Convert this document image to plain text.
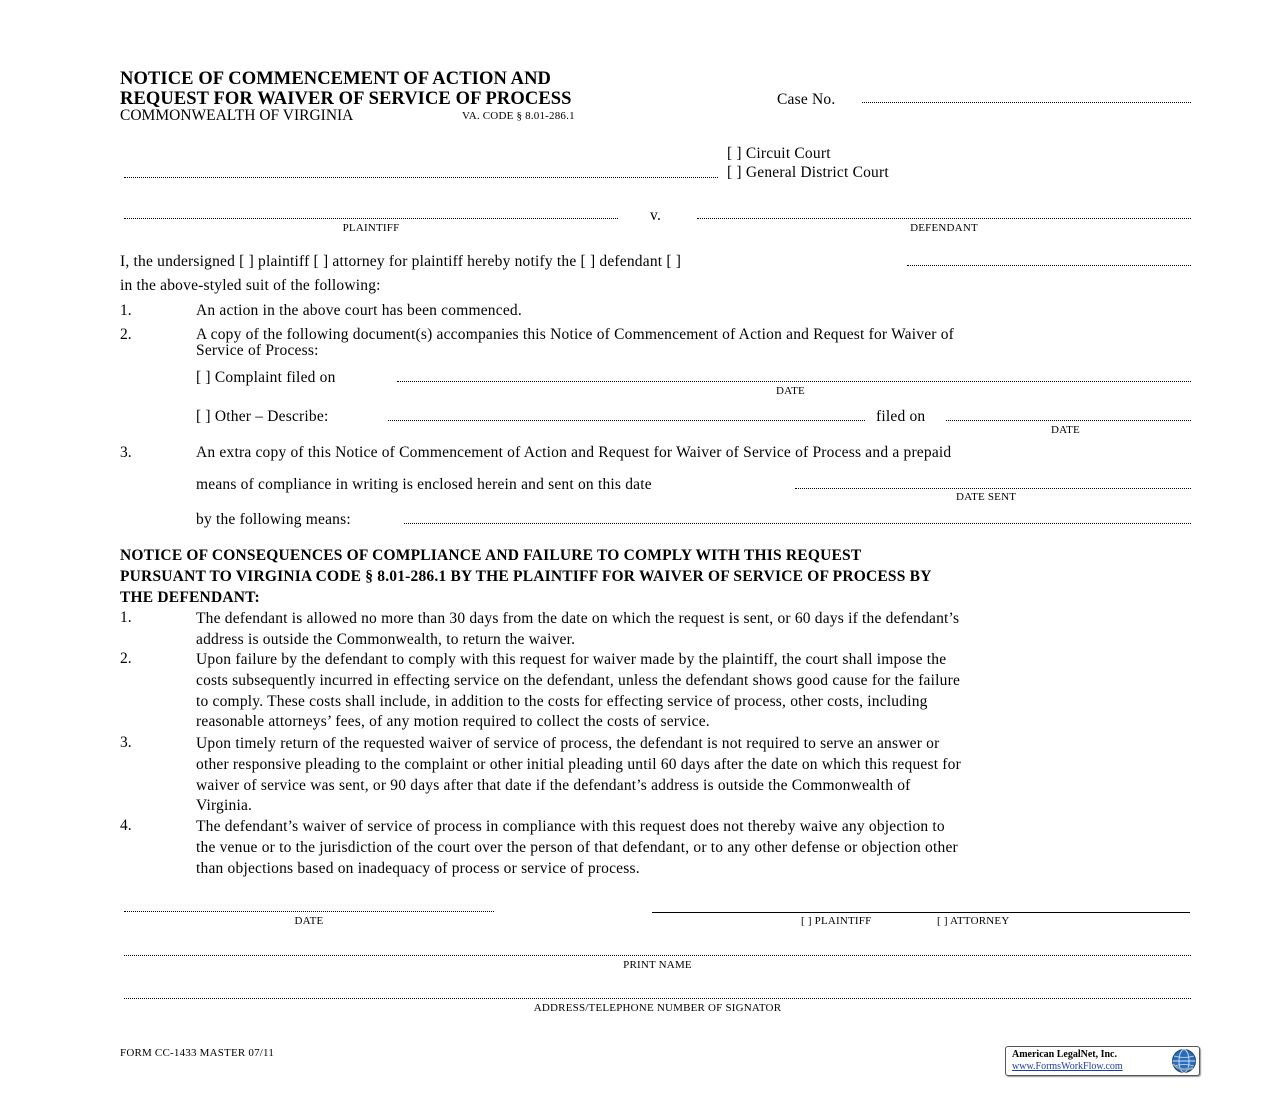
NOTICE OF COMMENCEMENT OF ACTION AND
REQUEST FOR WAIVER OF SERVICE OF PROCESS	Case No.
COMMONWEALTH OF VIRGINIA	VA. CODE § 8.01-286.1
[ ] Circuit Court
[ ] General District Court
v.
PLAINTIFF	DEFENDANT
I, the undersigned [ ] plaintiff [ ] attorney for plaintiff hereby notify the [ ] defendant [ ]
in the above-styled suit of the following:
1.	An action in the above court has been commenced.
2.	A copy of the following document(s) accompanies this Notice of Commencement of Action and Request for Waiver of
Service of Process:
[ ] Complaint filed on
DATE
[ ] Other – Describe:	filed on
DATE
3.	An extra copy of this Notice of Commencement of Action and Request for Waiver of Service of Process and a prepaid
means of compliance in writing is enclosed herein and sent on this date
DATE SENT
by the following means:
NOTICE OF CONSEQUENCES OF COMPLIANCE AND FAILURE TO COMPLY WITH THIS REQUEST
PURSUANT TO VIRGINIA CODE § 8.01-286.1 BY THE PLAINTIFF FOR WAIVER OF SERVICE OF PROCESS BY
THE DEFENDANT:
1.	The defendant is allowed no more than 30 days from the date on which the request is sent, or 60 days if the defendant’s
address is outside the Commonwealth, to return the waiver.
2.	Upon failure by the defendant to comply with this request for waiver made by the plaintiff, the court shall impose the
costs subsequently incurred in effecting service on the defendant, unless the defendant shows good cause for the failure
to comply. These costs shall include, in addition to the costs for effecting service of process, other costs, including
reasonable attorneys’ fees, of any motion required to collect the costs of service.
3.	Upon timely return of the requested waiver of service of process, the defendant is not required to serve an answer or
other responsive pleading to the complaint or other initial pleading until 60 days after the date on which this request for
waiver of service was sent, or 90 days after that date if the defendant’s address is outside the Commonwealth of
Virginia.
4.	The defendant’s waiver of service of process in compliance with this request does not thereby waive any objection to
the venue or to the jurisdiction of the court over the person of that defendant, or to any other defense or objection other
than objections based on inadequacy of process or service of process.
DATE	[ ] PLAINTIFF	[ ] ATTORNEY
PRINT NAME
ADDRESS/TELEPHONE NUMBER OF SIGNATOR
FORM CC-1433 MASTER 07/11	American LegalNet, Inc.
www.FormsWorkFlow.com
